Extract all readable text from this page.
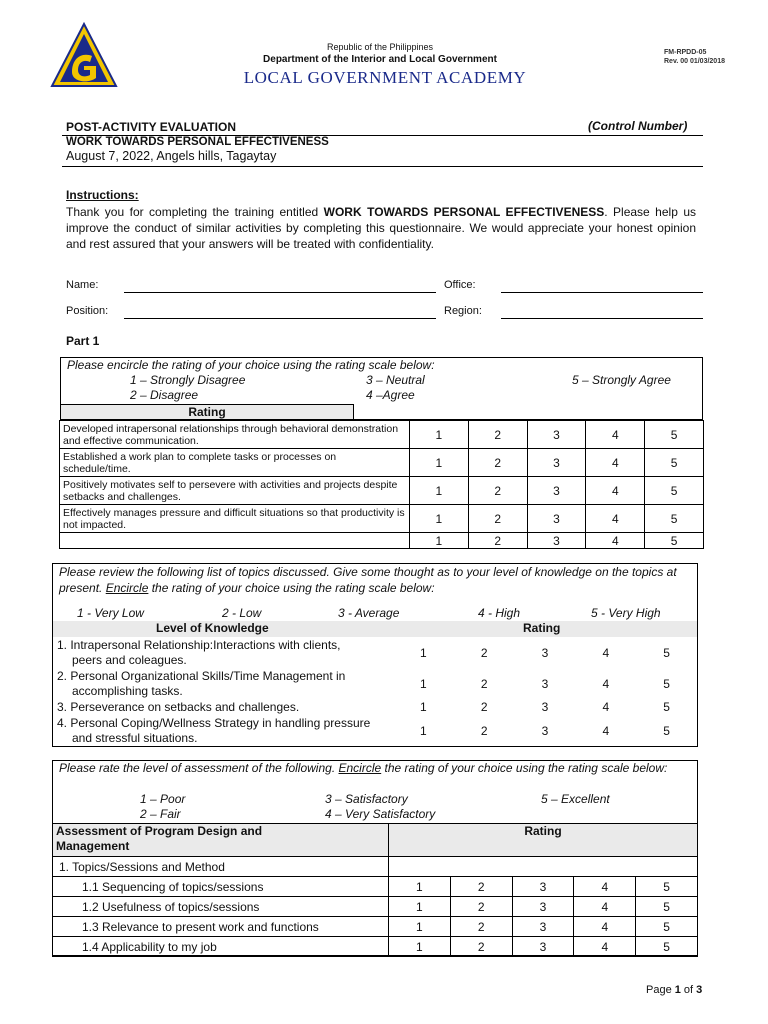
Republic of the Philippines
Department of the Interior and Local Government
LOCAL GOVERNMENT ACADEMY
FM-RPDD-05
Rev. 00 01/03/2018
POST-ACTIVITY EVALUATION	(Control Number)
WORK TOWARDS PERSONAL EFFECTIVENESS
August 7, 2022, Angels hills, Tagaytay
Instructions:
Thank you for completing the training entitled WORK TOWARDS PERSONAL EFFECTIVENESS. Please help us improve the conduct of similar activities by completing this questionnaire. We would appreciate your honest opinion and rest assured that your answers will be treated with confidentiality.
Name:	Office:
Position:	Region:
Part 1
Please encircle the rating of your choice using the rating scale below:
1 – Strongly Disagree	3 – Neutral	5 – Strongly Agree
2 – Disagree	4 –Agree
Rating
Developed intrapersonal relationships through behavioral demonstration and effective communication.	1	2	3	4	5
Established a work plan to complete tasks or processes on schedule/time.	1	2	3	4	5
Positively motivates self to persevere with activities and projects despite setbacks and challenges.	1	2	3	4	5
Effectively manages pressure and difficult situations so that productivity is not impacted.	1	2	3	4	5
	1	2	3	4	5
Please review the following list of topics discussed. Give some thought as to your level of knowledge on the topics at present. Encircle the rating of your choice using the rating scale below:
1 - Very Low	2 - Low	3 - Average	4 - High	5 - Very High
Level of Knowledge	Rating
1. Intrapersonal Relationship:Interactions with clients, peers and coleagues.	1	2	3	4	5
2. Personal Organizational Skills/Time Management in accomplishing tasks.	1	2	3	4	5
3. Perseverance on setbacks and challenges.	1	2	3	4	5
4. Personal Coping/Wellness Strategy in handling pressure and stressful situations.	1	2	3	4	5
Please rate the level of assessment of the following. Encircle the rating of your choice using the rating scale below:
1 – Poor	3 – Satisfactory	5 – Excellent
2 – Fair	4 – Very Satisfactory
Assessment of Program Design and Management	Rating				
1. Topics/Sessions and Method					
1.1 Sequencing of topics/sessions	1	2	3	4	5
1.2 Usefulness of topics/sessions	1	2	3	4	5
1.3 Relevance to present work and functions	1	2	3	4	5
1.4 Applicability to my job	1	2	3	4	5
Page 1 of 3
